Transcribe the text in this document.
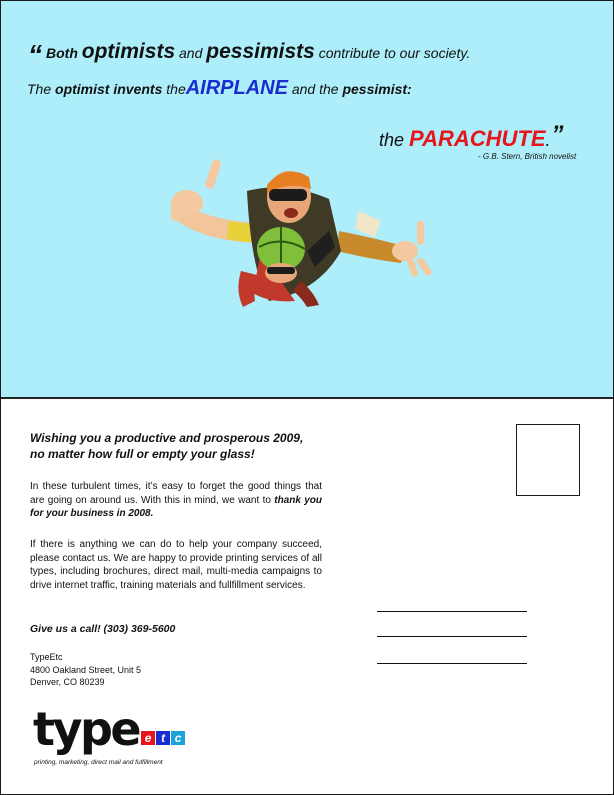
“ Both optimists and pessimists contribute to our society.
The optimist invents theAIRPLANE and the pessimist:
the PARACHUTE.”
- G.B. Stern, British novelist
Wishing you a productive and prosperous 2009,
no matter how full or empty your glass!
In these turbulent times, it’s easy to forget the good things that are going on around us. With this in mind, we want to thank you for your business in 2008.
If there is anything we can do to help your company succeed, please contact us. We are happy to provide printing services of all types, including brochures, direct mail, multi-media campaigns to drive internet traffic, training materials and fullfillment services.
Give us a call! (303) 369-5600
TypeEtc
4800 Oakland Street, Unit 5
Denver, CO 80239
type e t c
printing, marketing, direct mail and fulfillment
